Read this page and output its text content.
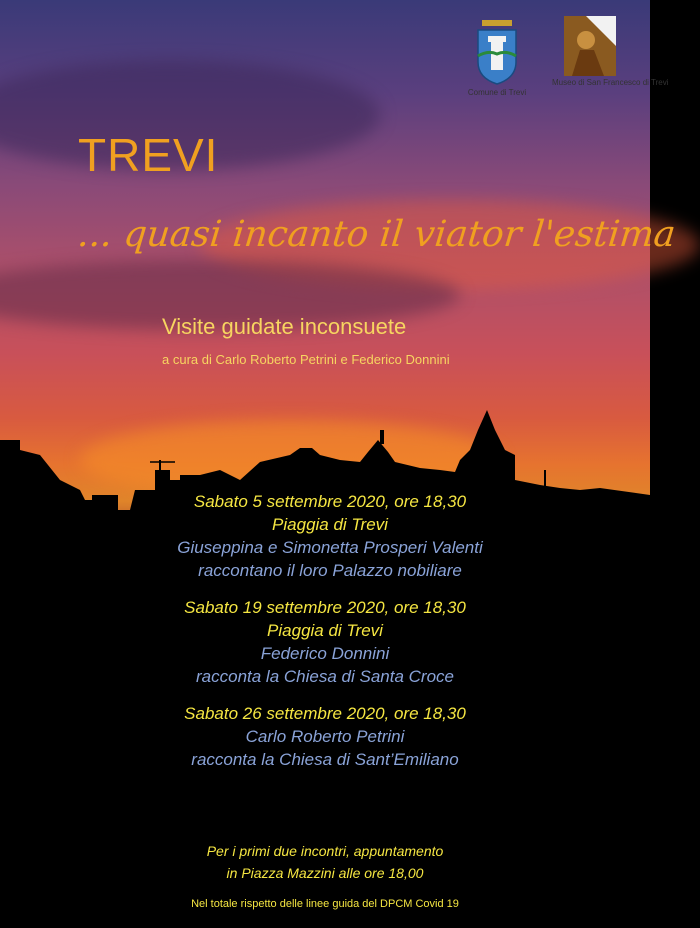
Comune di Trevi
Museo di San Francesco di Trevi
TREVI
... quasi incanto il viator l'estima
Visite guidate inconsuete
a cura di Carlo Roberto Petrini e Federico Donnini

Sabato 5 settembre 2020, ore 18,30

Piaggia di Trevi

Giuseppina e Simonetta Prosperi Valenti

raccontano il loro Palazzo nobiliare

Sabato 19 settembre 2020, ore 18,30

Piaggia di Trevi

Federico Donnini

racconta la Chiesa di Santa Croce

Sabato 26 settembre 2020, ore 18,30

Carlo Roberto Petrini

racconta la Chiesa di Sant’Emiliano

Per i primi due incontri, appuntamento
in Piazza Mazzini alle ore 18,00
Nel totale rispetto delle linee guida del DPCM Covid 19
